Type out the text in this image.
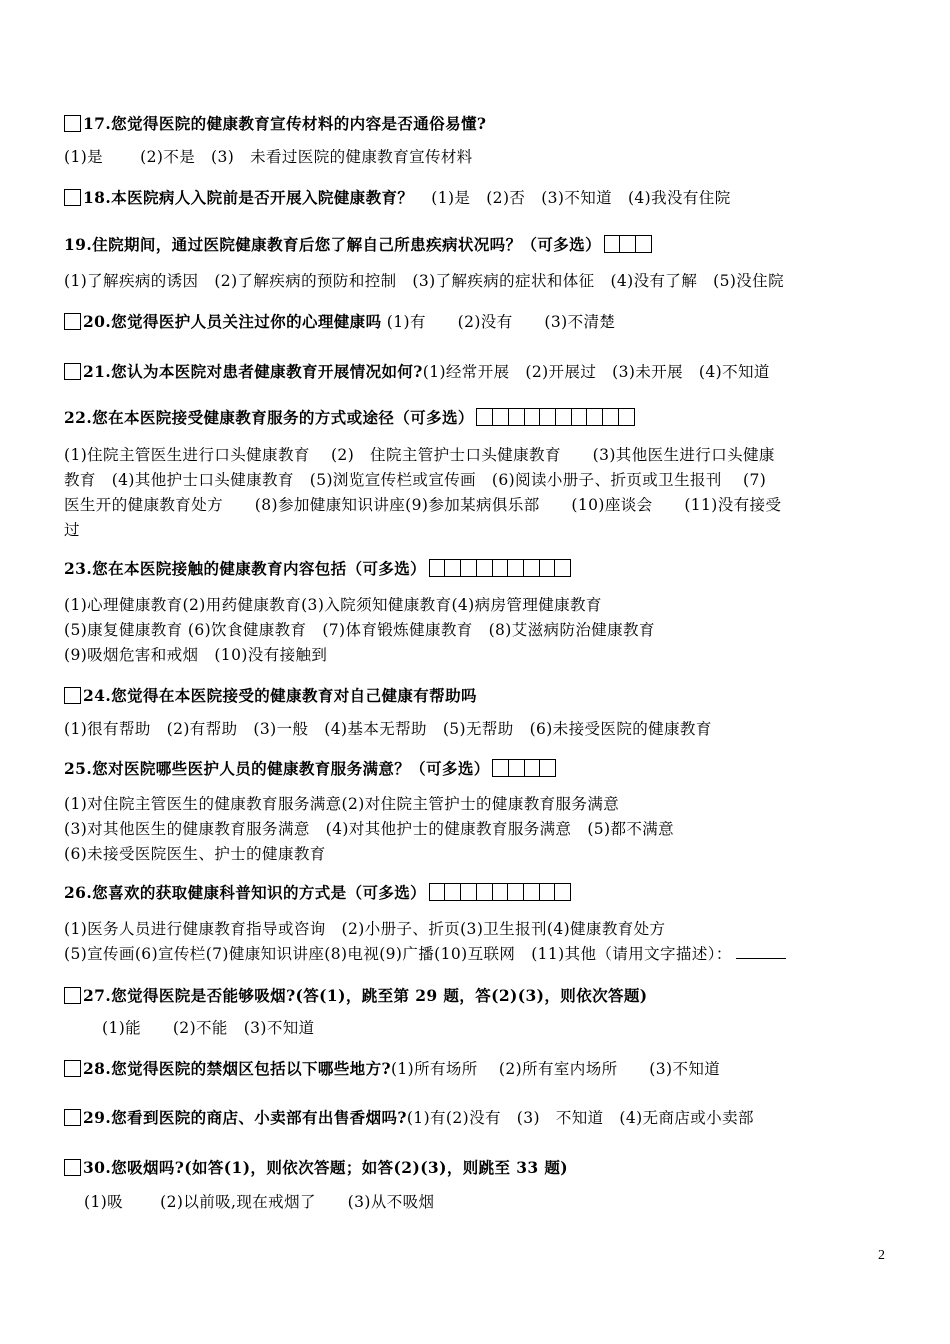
17.您觉得医院的健康教育宣传材料的内容是否通俗易懂?
(1)是　　 (2)不是　(3)　未看过医院的健康教育宣传材料
18.本医院病人入院前是否开展入院健康教育？ (1)是　(2)否　(3)不知道　(4)我没有住院
19.住院期间，通过医院健康教育后您了解自己所患疾病状况吗？（可多选）
(1)了解疾病的诱因　(2)了解疾病的预防和控制　(3)了解疾病的症状和体征　(4)没有了解　(5)没住院
20.您觉得医护人员关注过你的心理健康吗 (1)有　　(2)没有　　(3)不清楚
21.您认为本医院对患者健康教育开展情况如何?(1)经常开展　(2)开展过　(3)未开展　(4)不知道
22.您在本医院接受健康教育服务的方式或途径（可多选）
(1)住院主管医生进行口头健康教育　 (2)　住院主管护士口头健康教育　　(3)其他医生进行口头健康
教育　(4)其他护士口头健康教育　(5)浏览宣传栏或宣传画　(6)阅读小册子、折页或卫生报刊　 (7)
医生开的健康教育处方　　(8)参加健康知识讲座(9)参加某病俱乐部　　(10)座谈会　　(11)没有接受
过
23.您在本医院接触的健康教育内容包括（可多选）
(1)心理健康教育(2)用药健康教育(3)入院须知健康教育(4)病房管理健康教育
(5)康复健康教育 (6)饮食健康教育　(7)体育锻炼健康教育　(8)艾滋病防治健康教育
(9)吸烟危害和戒烟　(10)没有接触到
24.您觉得在本医院接受的健康教育对自己健康有帮助吗
(1)很有帮助　(2)有帮助　(3)一般　(4)基本无帮助　(5)无帮助　(6)未接受医院的健康教育
25.您对医院哪些医护人员的健康教育服务满意？（可多选）
(1)对住院主管医生的健康教育服务满意(2)对住院主管护士的健康教育服务满意
(3)对其他医生的健康教育服务满意　(4)对其他护士的健康教育服务满意　(5)都不满意
(6)未接受医院医生、护士的健康教育
26.您喜欢的获取健康科普知识的方式是（可多选）
(1)医务人员进行健康教育指导或咨询　(2)小册子、折页(3)卫生报刊(4)健康教育处方
(5)宣传画(6)宣传栏(7)健康知识讲座(8)电视(9)广播(10)互联网　(11)其他（请用文字描述）：
27.您觉得医院是否能够吸烟?(答(1)，跳至第 29 题，答(2)(3)，则依次答题)
(1)能　　(2)不能　(3)不知道
28.您觉得医院的禁烟区包括以下哪些地方?(1)所有场所　 (2)所有室内场所　　(3)不知道
29.您看到医院的商店、小卖部有出售香烟吗?(1)有(2)没有　(3)　不知道　(4)无商店或小卖部
30.您吸烟吗?(如答(1)，则依次答题；如答(2)(3)，则跳至 33 题)
(1)吸　　 (2)以前吸,现在戒烟了　　(3)从不吸烟
2
